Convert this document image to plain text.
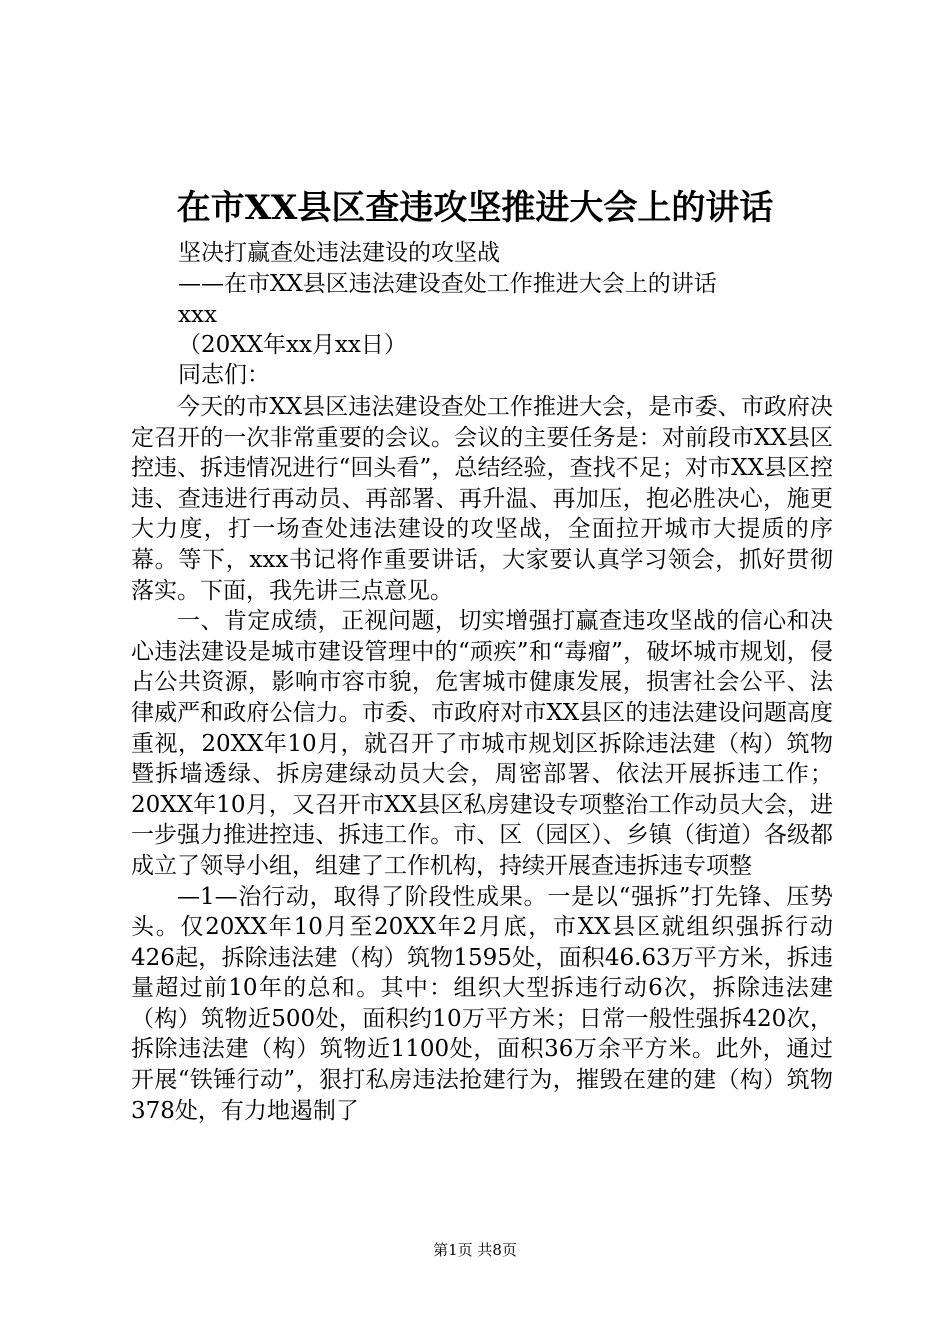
在市XX县区查违攻坚推进大会上的讲话
坚决打赢查处违法建设的攻坚战
——在市XX县区违法建设查处工作推进大会上的讲话
xxx
（20XX年xx月xx日）
同志们：

今天的市XX县区违法建设查处工作推进大会，是市委、市政府决定召开的一次非常重要的会议。会议的主要任务是：对前段市XX县区控违、拆违情况进行“回头看”，总结经验，查找不足；对市XX县区控违、查违进行再动员、再部署、再升温、再加压，抱必胜决心，施更大力度，打一场查处违法建设的攻坚战，全面拉开城市大提质的序幕。等下，xxx书记将作重要讲话，大家要认真学习领会，抓好贯彻落实。下面，我先讲三点意见。

一、肯定成绩，正视问题，切实增强打赢查违攻坚战的信心和决心违法建设是城市建设管理中的“顽疾”和“毒瘤”，破坏城市规划，侵占公共资源，影响市容市貌，危害城市健康发展，损害社会公平、法律威严和政府公信力。市委、市政府对市XX县区的违法建设问题高度重视，20XX年10月，就召开了市城市规划区拆除违法建（构）筑物暨拆墙透绿、拆房建绿动员大会，周密部署、依法开展拆违工作；20XX年10月，又召开市XX县区私房建设专项整治工作动员大会，进一步强力推进控违、拆违工作。市、区（园区）、乡镇（街道）各级都成立了领导小组，组建了工作机构，持续开展查违拆违专项整

—1—治行动，取得了阶段性成果。一是以“强拆”打先锋、压势头。仅20XX年10月至20XX年2月底，市XX县区就组织强拆行动426起，拆除违法建（构）筑物1595处，面积46.63万平方米，拆违量超过前10年的总和。其中：组织大型拆违行动6次，拆除违法建（构）筑物近500处，面积约10万平方米；日常一般性强拆420次，拆除违法建（构）筑物近1100处，面积36万余平方米。此外，通过开展“铁锤行动”，狠打私房违法抢建行为，摧毁在建的建（构）筑物378处，有力地遏制了

第1页 共8页
